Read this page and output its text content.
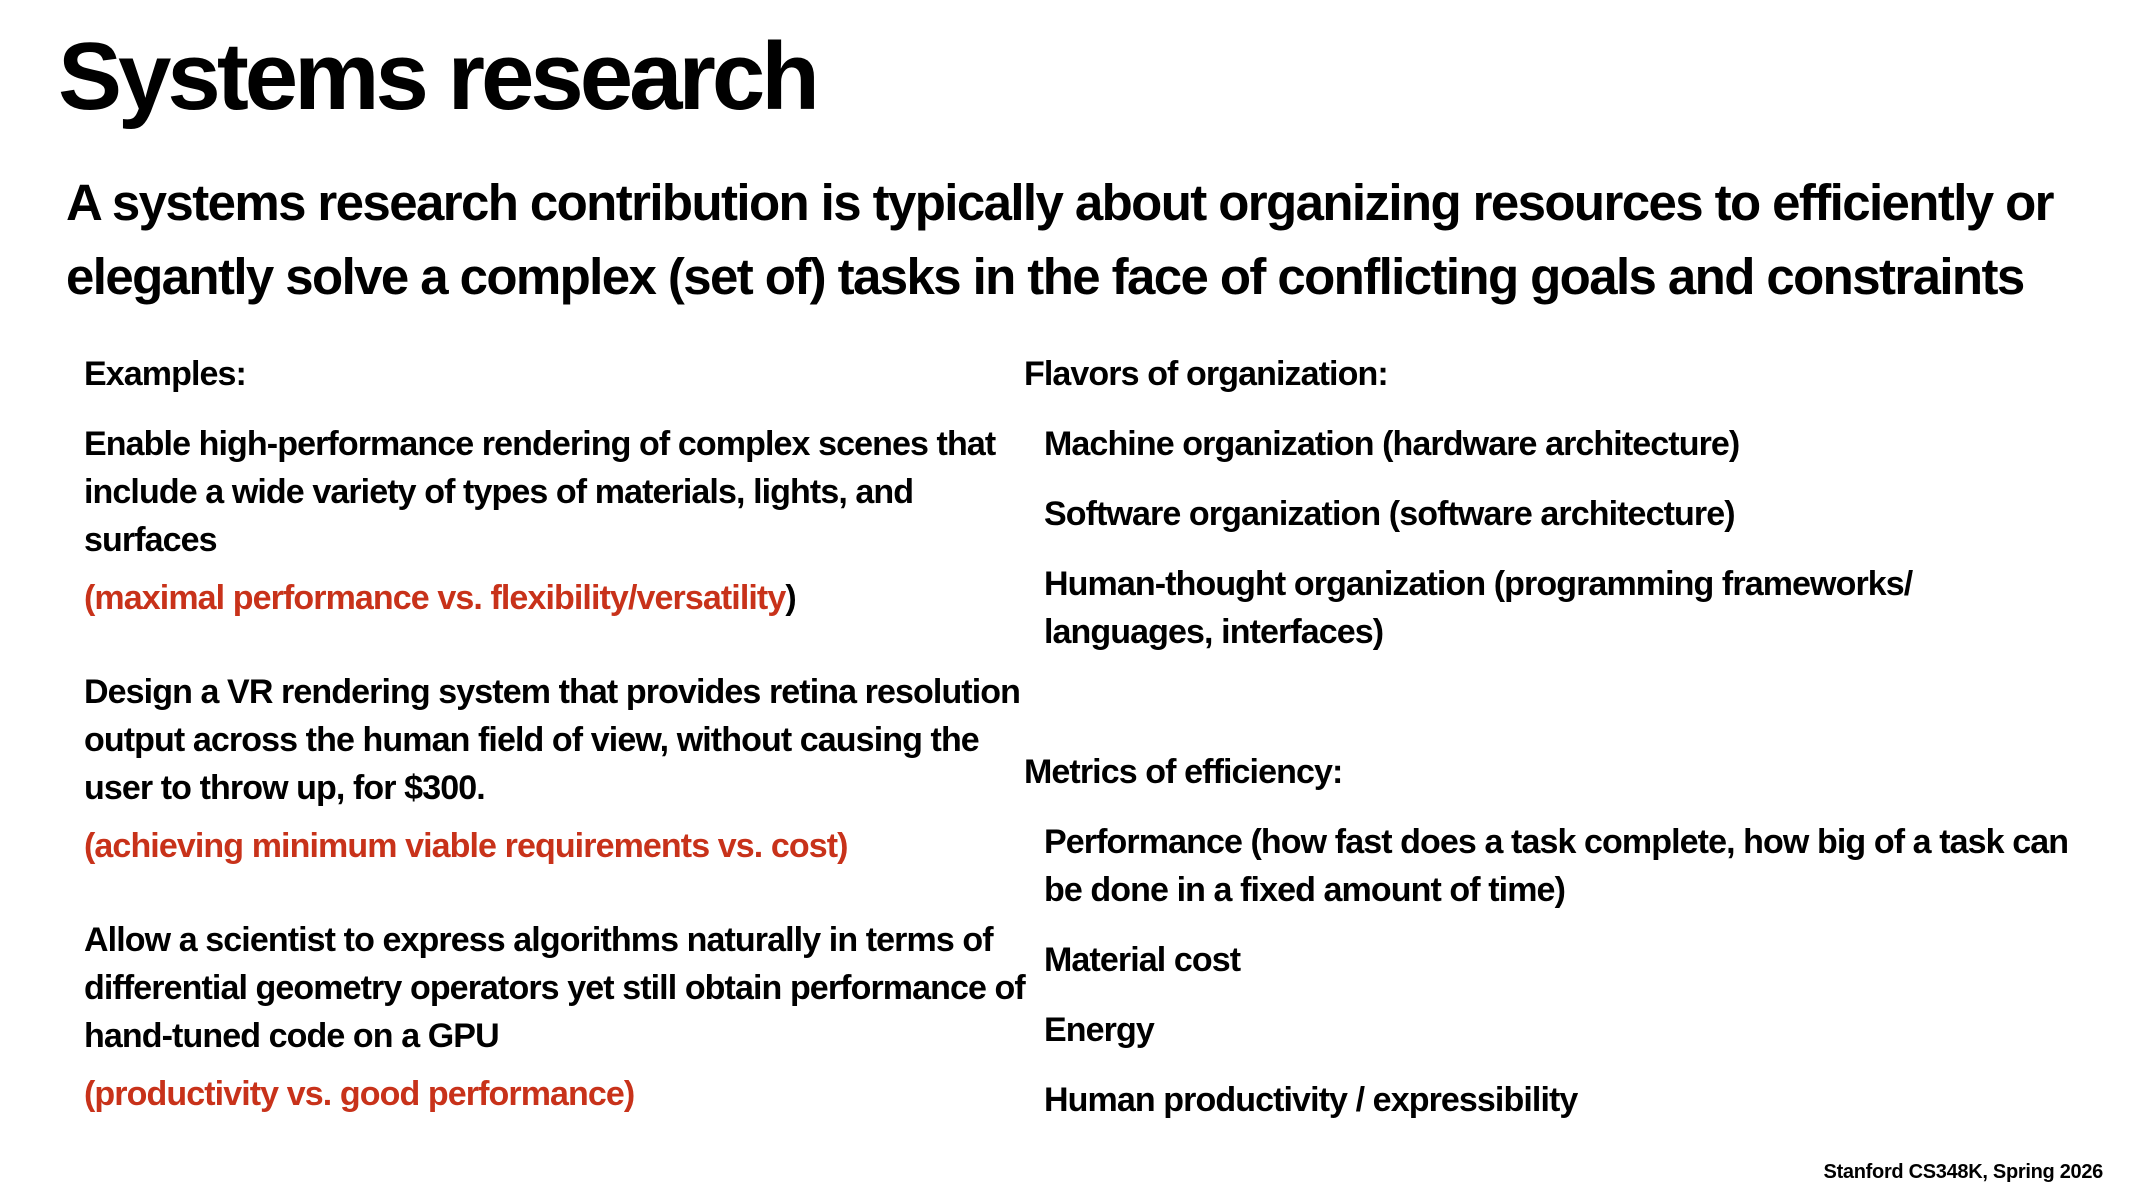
Systems research
A systems research contribution is typically about organizing resources to efficiently or
elegantly solve a complex (set of) tasks in the face of conflicting goals and constraints
Examples:
Enable high-performance rendering of complex scenes that
include a wide variety of types of materials, lights, and
surfaces
(maximal performance vs. flexibility/versatility)
Design a VR rendering system that provides retina resolution
output across the human field of view, without causing the
user to throw up, for $300.
(achieving minimum viable requirements vs. cost)
Allow a scientist to express algorithms naturally in terms of
differential geometry operators yet still obtain performance of
hand-tuned code on a GPU
(productivity vs. good performance)
Flavors of organization:
Machine organization (hardware architecture)
Software organization (software architecture)
Human-thought organization (programming frameworks/
languages, interfaces)
Metrics of efficiency:
Performance (how fast does a task complete, how big of a task can
be done in a fixed amount of time)
Material cost
Energy
Human productivity / expressibility
Stanford CS348K, Spring 2026
